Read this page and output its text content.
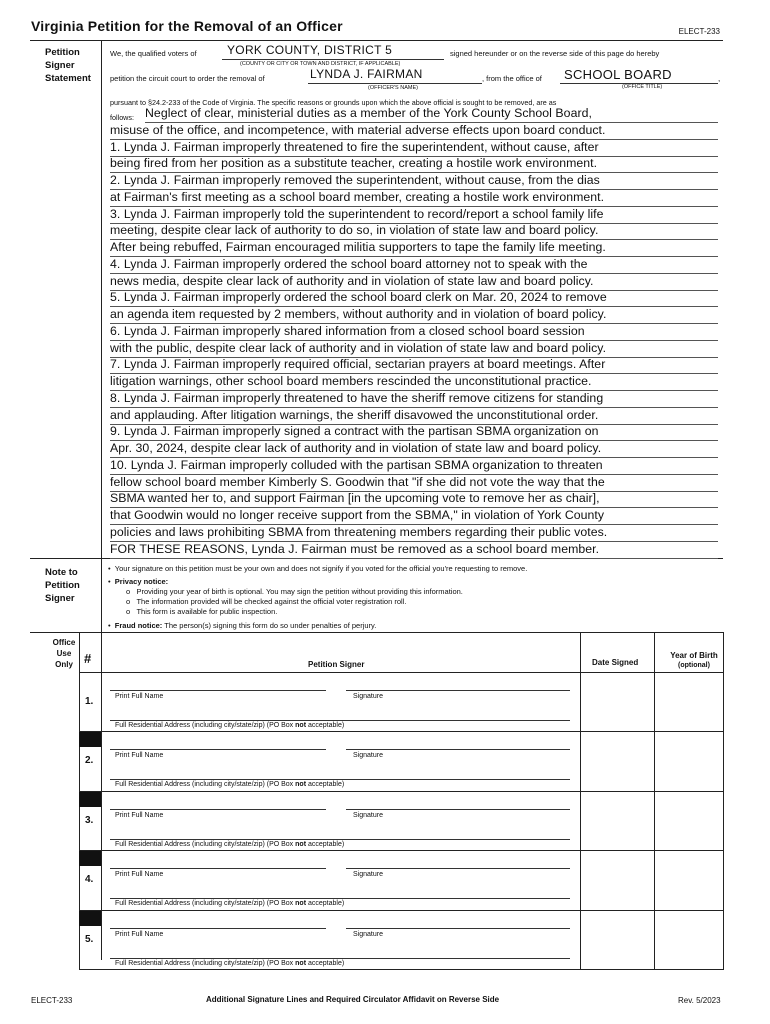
Virginia Petition for the Removal of an Officer	ELECT-233
Petition
Signer
Statement
We, the qualified voters of	YORK COUNTY, DISTRICT 5
(COUNTY OR CITY OR TOWN AND DISTRICT, IF APPLICABLE)
signed hereunder or on the reverse side of this page do hereby
petition the circuit court to order the removal of	LYNDA J. FAIRMAN	, from the office of SCHOOL BOARD	,
(OFFICER'S NAME)	(OFFICE TITLE)
pursuant to §24.2-233 of the Code of Virginia. The specific reasons or grounds upon which the above official is sought to be removed, are as
follows: Neglect of clear, ministerial duties as a member of the York County School Board,
misuse of the office, and incompetence, with material adverse effects upon board conduct.
1. Lynda J. Fairman improperly threatened to fire the superintendent, without cause, after
being fired from her position as a substitute teacher, creating a hostile work environment.
2. Lynda J. Fairman improperly removed the superintendent, without cause, from the dias
at Fairman's first meeting as a school board member, creating a hostile work environment.
3. Lynda J. Fairman improperly told the superintendent to record/report a school family life
meeting, despite clear lack of authority to do so, in violation of state law and board policy.
After being rebuffed, Fairman encouraged militia supporters to tape the family life meeting.
4. Lynda J. Fairman improperly ordered the school board attorney not to speak with the
news media, despite clear lack of authority and in violation of state law and board policy.
5. Lynda J. Fairman improperly ordered the school board clerk on Mar. 20, 2024 to remove
an agenda item requested by 2 members, without authority and in violation of board policy.
6. Lynda J. Fairman improperly shared information from a closed school board session
with the public, despite clear lack of authority and in violation of state law and board policy.
7. Lynda J. Fairman improperly required official, sectarian prayers at board meetings. After
litigation warnings, other school board members rescinded the unconstitutional practice.
8. Lynda J. Fairman improperly threatened to have the sheriff remove citizens for standing
and applauding. After litigation warnings, the sheriff disavowed the unconstitutional order.
9. Lynda J. Fairman improperly signed a contract with the partisan SBMA organization on
Apr. 30, 2024, despite clear lack of authority and in violation of state law and board policy.
10. Lynda J. Fairman improperly colluded with the partisan SBMA organization to threaten
fellow school board member Kimberly S. Goodwin that "if she did not vote the way that the
SBMA wanted her to, and support Fairman [in the upcoming vote to remove her as chair],
that Goodwin would no longer receive support from the SBMA," in violation of York County
policies and laws prohibiting SBMA from threatening members regarding their public votes.
FOR THESE REASONS, Lynda J. Fairman must be removed as a school board member.
Note to
Petition
Signer
•  Your signature on this petition must be your own and does not signify if you voted for the official you're requesting to remove.
•  Privacy notice:
o   Providing your year of birth is optional. You may sign the petition without providing this information.
o   The information provided will be checked against the official voter registration roll.
o   This form is available for public inspection.
•  Fraud notice: The person(s) signing this form do so under penalties of perjury.
Office
Use
Only #	Petition Signer	Date Signed
Year of Birth
(optional)
1.	Print Full Name	Signature
Full Residential Address (including city/state/zip) (PO Box not acceptable)
2.	Print Full Name	Signature
Full Residential Address (including city/state/zip) (PO Box not acceptable)
3.	Print Full Name	Signature
Full Residential Address (including city/state/zip) (PO Box not acceptable)
4.	Print Full Name	Signature
Full Residential Address (including city/state/zip) (PO Box not acceptable)
5.	Print Full Name	Signature
Full Residential Address (including city/state/zip) (PO Box not acceptable)
ELECT-233	Additional Signature Lines and Required Circulator Affidavit on Reverse Side	Rev. 5/2023
